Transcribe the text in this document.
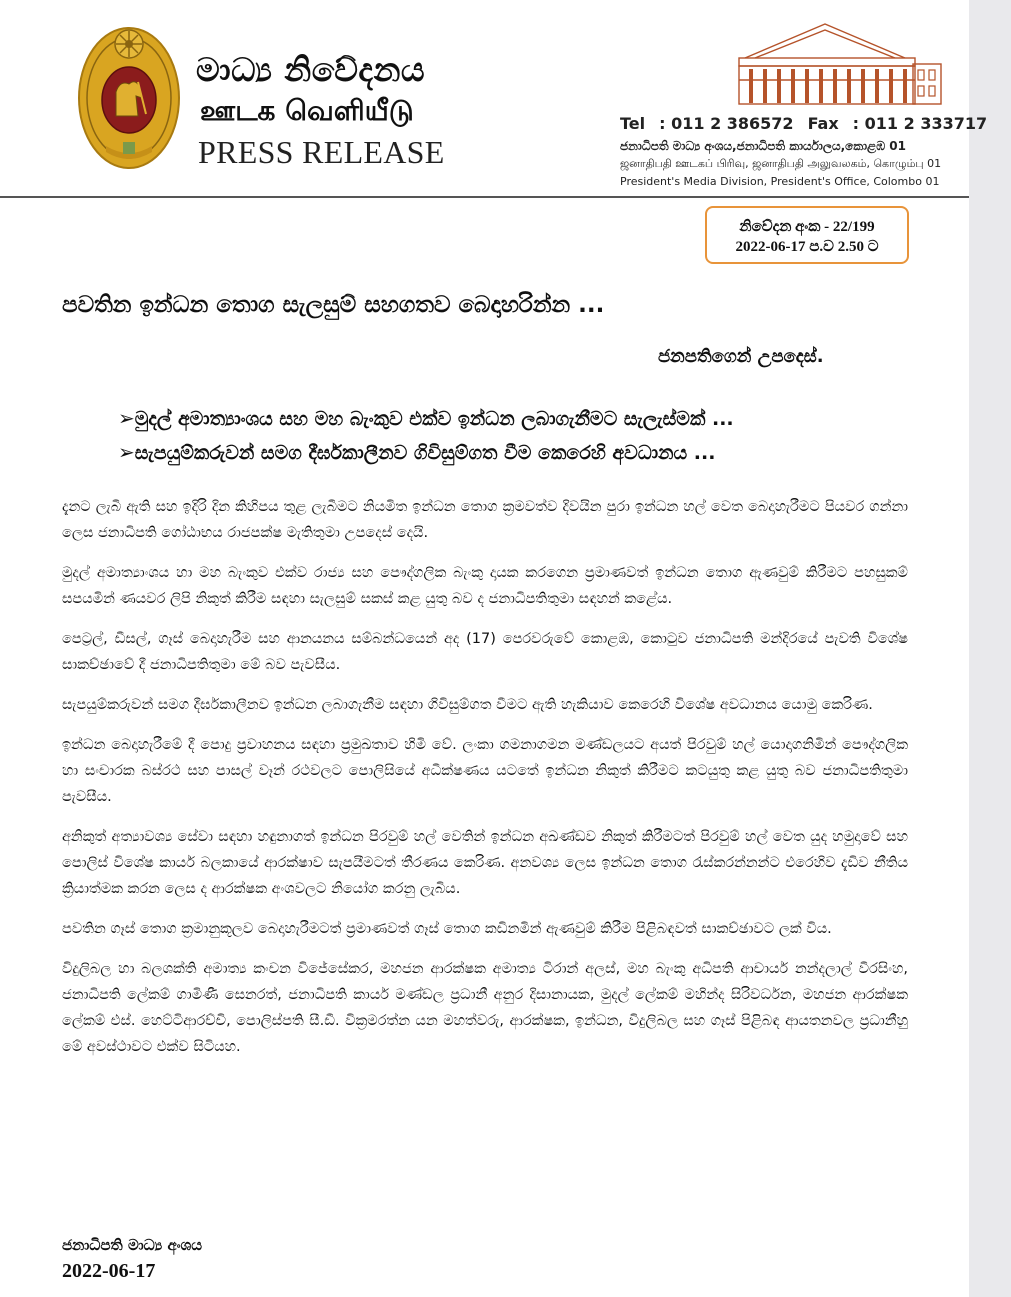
මාධ්‍ය නිවේදනය
ஊடக வெளியீடு
PRESS RELEASE
Tel : 011 2 386572 Fax : 011 2 333717
ජනාධිපති මාධ්‍ය අංශය,ජනාධිපති කාර්යාලය,කොළඹ 01
ஜனாதிபதி ஊடகப் பிரிவு, ஜனாதிபதி அலுவலகம், கொழும்பு 01
President's Media Division, President's Office, Colombo 01
නිවේදන අංක - 22/199
2022-06-17 ප.ව 2.50 ට
පවතින ඉන්ධන තොග සැලසුම් සහගතව බෙදාහරින්න ...
ජනපතිගෙන් උපදෙස්.
➢මුදල් අමාත්‍යාංශය සහ මහ බැංකුව එක්ව ඉන්ධන ලබාගැනීමට සැලැස්මක් ...
➢සැපයුම්කරුවන් සමග දීර්ඝකාලීනව ගිවිසුම්ගත වීම කෙරෙහි අවධානය ...

දැනට ලැබී ඇති සහ ඉදිරි දින කිහිපය තුළ ලැබීමට නියමිත ඉන්ධන තොග ක්‍රමවත්ව දිවයින පුරා ඉන්ධන හල් වෙත බෙදාහැරීමට පියවර ගන්නා ලෙස ජනාධිපති ගෝඨාභය රාජපක්ෂ මැතිතුමා උපදෙස් දෙයි.

මුදල් අමාත්‍යාංශය හා මහ බැංකුව එක්ව රාජ්‍ය සහ පෞද්ගලික බැංකු දායක කරගෙන ප්‍රමාණවත් ඉන්ධන තොග ඇණවුම් කිරීමට පහසුකම් සපයමින් ණයවර ලිපි නිකුත් කිරීම සඳහා සැලසුම් සකස් කළ යුතු බව ද ජනාධිපතිතුමා සඳහන් කළේය.

පෙට්‍රල්, ඩීසල්, ගෑස් බෙදාහැරීම සහ ආනයනය සම්බන්ධයෙන් අද (17) පෙරවරුවේ කොළඹ, කොටුව ජනාධිපති මන්දිරයේ පැවති විශේෂ සාකච්ඡාවේ දී ජනාධිපතිතුමා මේ බව පැවසීය.

සැපයුම්කරුවන් සමග දීර්ඝකාලීනව ඉන්ධන ලබාගැනීම සඳහා ගිවිසුම්ගත වීමට ඇති හැකියාව කෙරෙහි විශේෂ අවධානය යොමු කෙරිණ.

ඉන්ධන බෙදාහැරීමේ දී පොදු ප්‍රවාහනය සඳහා ප්‍රමුඛතාව හිමි වේ. ලංකා ගමනාගමන මණ්ඩලයට අයත් පිරවුම් හල් යොදාගනිමින් පෞද්ගලික හා සංචාරක බස්රථ සහ පාසල් වෑන් රථවලට පොලිසියේ අධීක්ෂණය යටතේ ඉන්ධන නිකුත් කිරීමට කටයුතු කළ යුතු බව ජනාධිපතිතුමා පැවසීය.

අනිකුත් අත්‍යාවශ්‍ය සේවා සඳහා හඳුනාගත් ඉන්ධන පිරවුම් හල් වෙතින් ඉන්ධන අඛණ්ඩව නිකුත් කිරීමටත් පිරවුම් හල් වෙත යුද හමුදාවේ සහ පොලිස් විශේෂ කාර්ය බලකායේ ආරක්ෂාව සැපයීමටත් තීරණය කෙරිණ. අනවශ්‍ය ලෙස ඉන්ධන තොග රැස්කරන්නන්ට එරෙහිව දැඩිව නීතිය ක්‍රියාත්මක කරන ලෙස ද ආරක්ෂක අංශවලට නියෝග කරනු ලැබිය.

පවතින ගෑස් තොග ක්‍රමානුකූලව බෙදාහැරීමටත් ප්‍රමාණවත් ගෑස් තොග කඩිනමින් ඇණවුම් කිරීම පිළිබඳවත් සාකච්ඡාවට ලක් විය.

විදුලිබල හා බලශක්ති අමාත්‍ය කංචන විජේසේකර, මහජන ආරක්ෂක අමාත්‍ය ටිරාන් අලස්, මහ බැංකු අධිපති ආචාර්ය නන්දලාල් වීරසිංහ, ජනාධිපති ලේකම් ගාමිණී සෙනරත්, ජනාධිපති කාර්ය මණ්ඩල ප්‍රධානී අනුර දිසානායක, මුදල් ලේකම් මහින්ද සිරිවර්ධන, මහජන ආරක්ෂක ලේකම් එස්. හෙට්ටිආරච්චි, පොලිස්පති සී.ඩී. වික්‍රමරත්න යන මහත්වරු, ආරක්ෂක, ඉන්ධන, විදුලිබල සහ ගෑස් පිළිබඳ ආයතනවල ප්‍රධානීහු මේ අවස්ථාවට එක්ව සිටියහ.

ජනාධිපති මාධ්‍ය අංශය
2022-06-17
